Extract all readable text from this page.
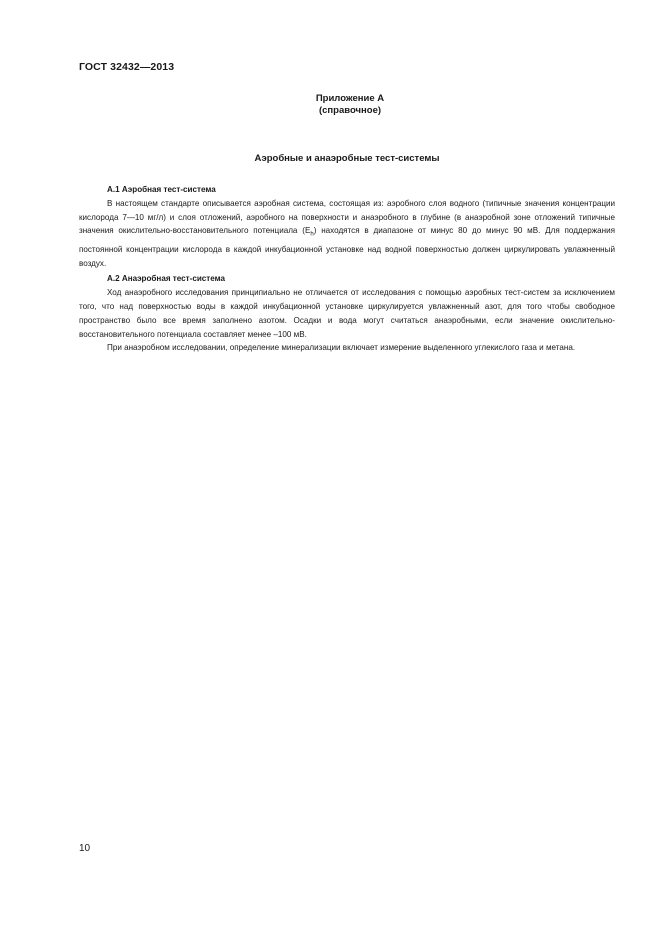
ГОСТ 32432—2013
Приложение А
(справочное)
Аэробные и анаэробные тест-системы

А.1 Аэробная тест-система

В настоящем стандарте описывается аэробная система, состоящая из: аэробного слоя водного (типичные значения концентрации кислорода 7—10 мг/л) и слоя отложений, аэробного на поверхности и анаэробного в глубине (в анаэробной зоне отложений типичные значения окислительно-восстановительного потенциала $(E_h)$ находятся в диапазоне от минус 80 до минус 90 мВ. Для поддержания постоянной концентрации кислорода в каждой инкубационной установке над водной поверхностью должен циркулировать увлажненный воздух.

А.2 Анаэробная тест-система

Ход анаэробного исследования принципиально не отличается от исследования с помощью аэробных тест-систем за исключением того, что над поверхностью воды в каждой инкубационной установке циркулируется увлажненный азот, для того чтобы свободное пространство было все время заполнено азотом. Осадки и вода могут считаться анаэробными, если значение окислительно-восстановительного потенциала составляет менее –100 мВ.

При анаэробном исследовании, определение минерализации включает измерение выделенного углекислого газа и метана.

10
